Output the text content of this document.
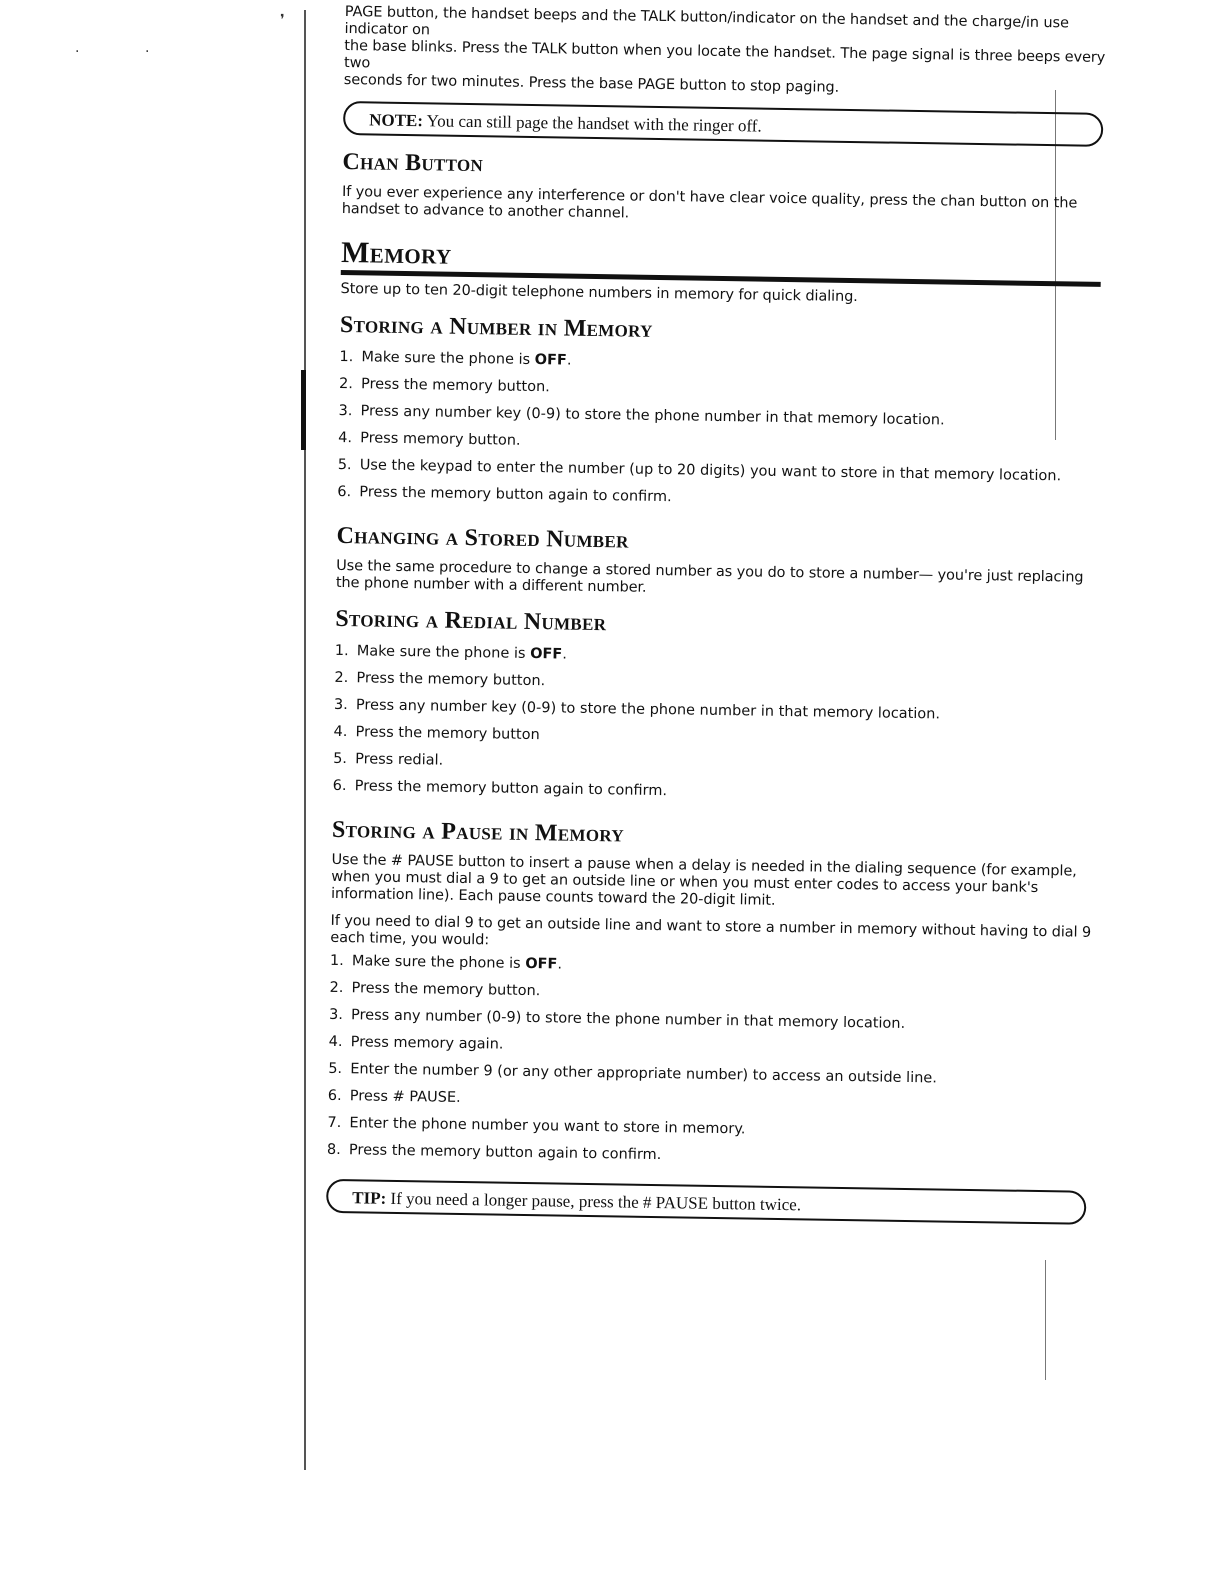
❜
·	·

PAGE button, the handset beeps and the TALK button/indicator on the handset and the charge/in use indicator on
the base blinks. Press the TALK button when you locate the handset. The page signal is three beeps every two
seconds for two minutes. Press the base PAGE button to stop paging.

NOTE: You can still page the handset with the ringer off.
Chan Button

If you ever experience any interference or don't have clear voice quality, press the chan button on the handset to advance to another channel.

Memory

Store up to ten 20-digit telephone numbers in memory for quick dialing.

Storing a Number in Memory
1. Make sure the phone is OFF.
2. Press the memory button.
3. Press any number key (0-9) to store the phone number in that memory location.
4. Press memory button.
5. Use the keypad to enter the number (up to 20 digits) you want to store in that memory location.
6. Press the memory button again to confirm.
Changing a Stored Number

Use the same procedure to change a stored number as you do to store a number— you're just replacing the phone number with a different number.

Storing a Redial Number
1. Make sure the phone is OFF.
2. Press the memory button.
3. Press any number key (0-9) to store the phone number in that memory location.
4. Press the memory button
5. Press redial.
6. Press the memory button again to confirm.
Storing a Pause in Memory

Use the # PAUSE button to insert a pause when a delay is needed in the dialing sequence (for example, when you must dial a 9 to get an outside line or when you must enter codes to access your bank's information line). Each pause counts toward the 20-digit limit.

If you need to dial 9 to get an outside line and want to store a number in memory without having to dial 9 each time, you would:

1. Make sure the phone is OFF.
2. Press the memory button.
3. Press any number (0-9) to store the phone number in that memory location.
4. Press memory again.
5. Enter the number 9 (or any other appropriate number) to access an outside line.
6. Press # PAUSE.
7. Enter the phone number you want to store in memory.
8. Press the memory button again to confirm.
TIP: If you need a longer pause, press the # PAUSE button twice.
